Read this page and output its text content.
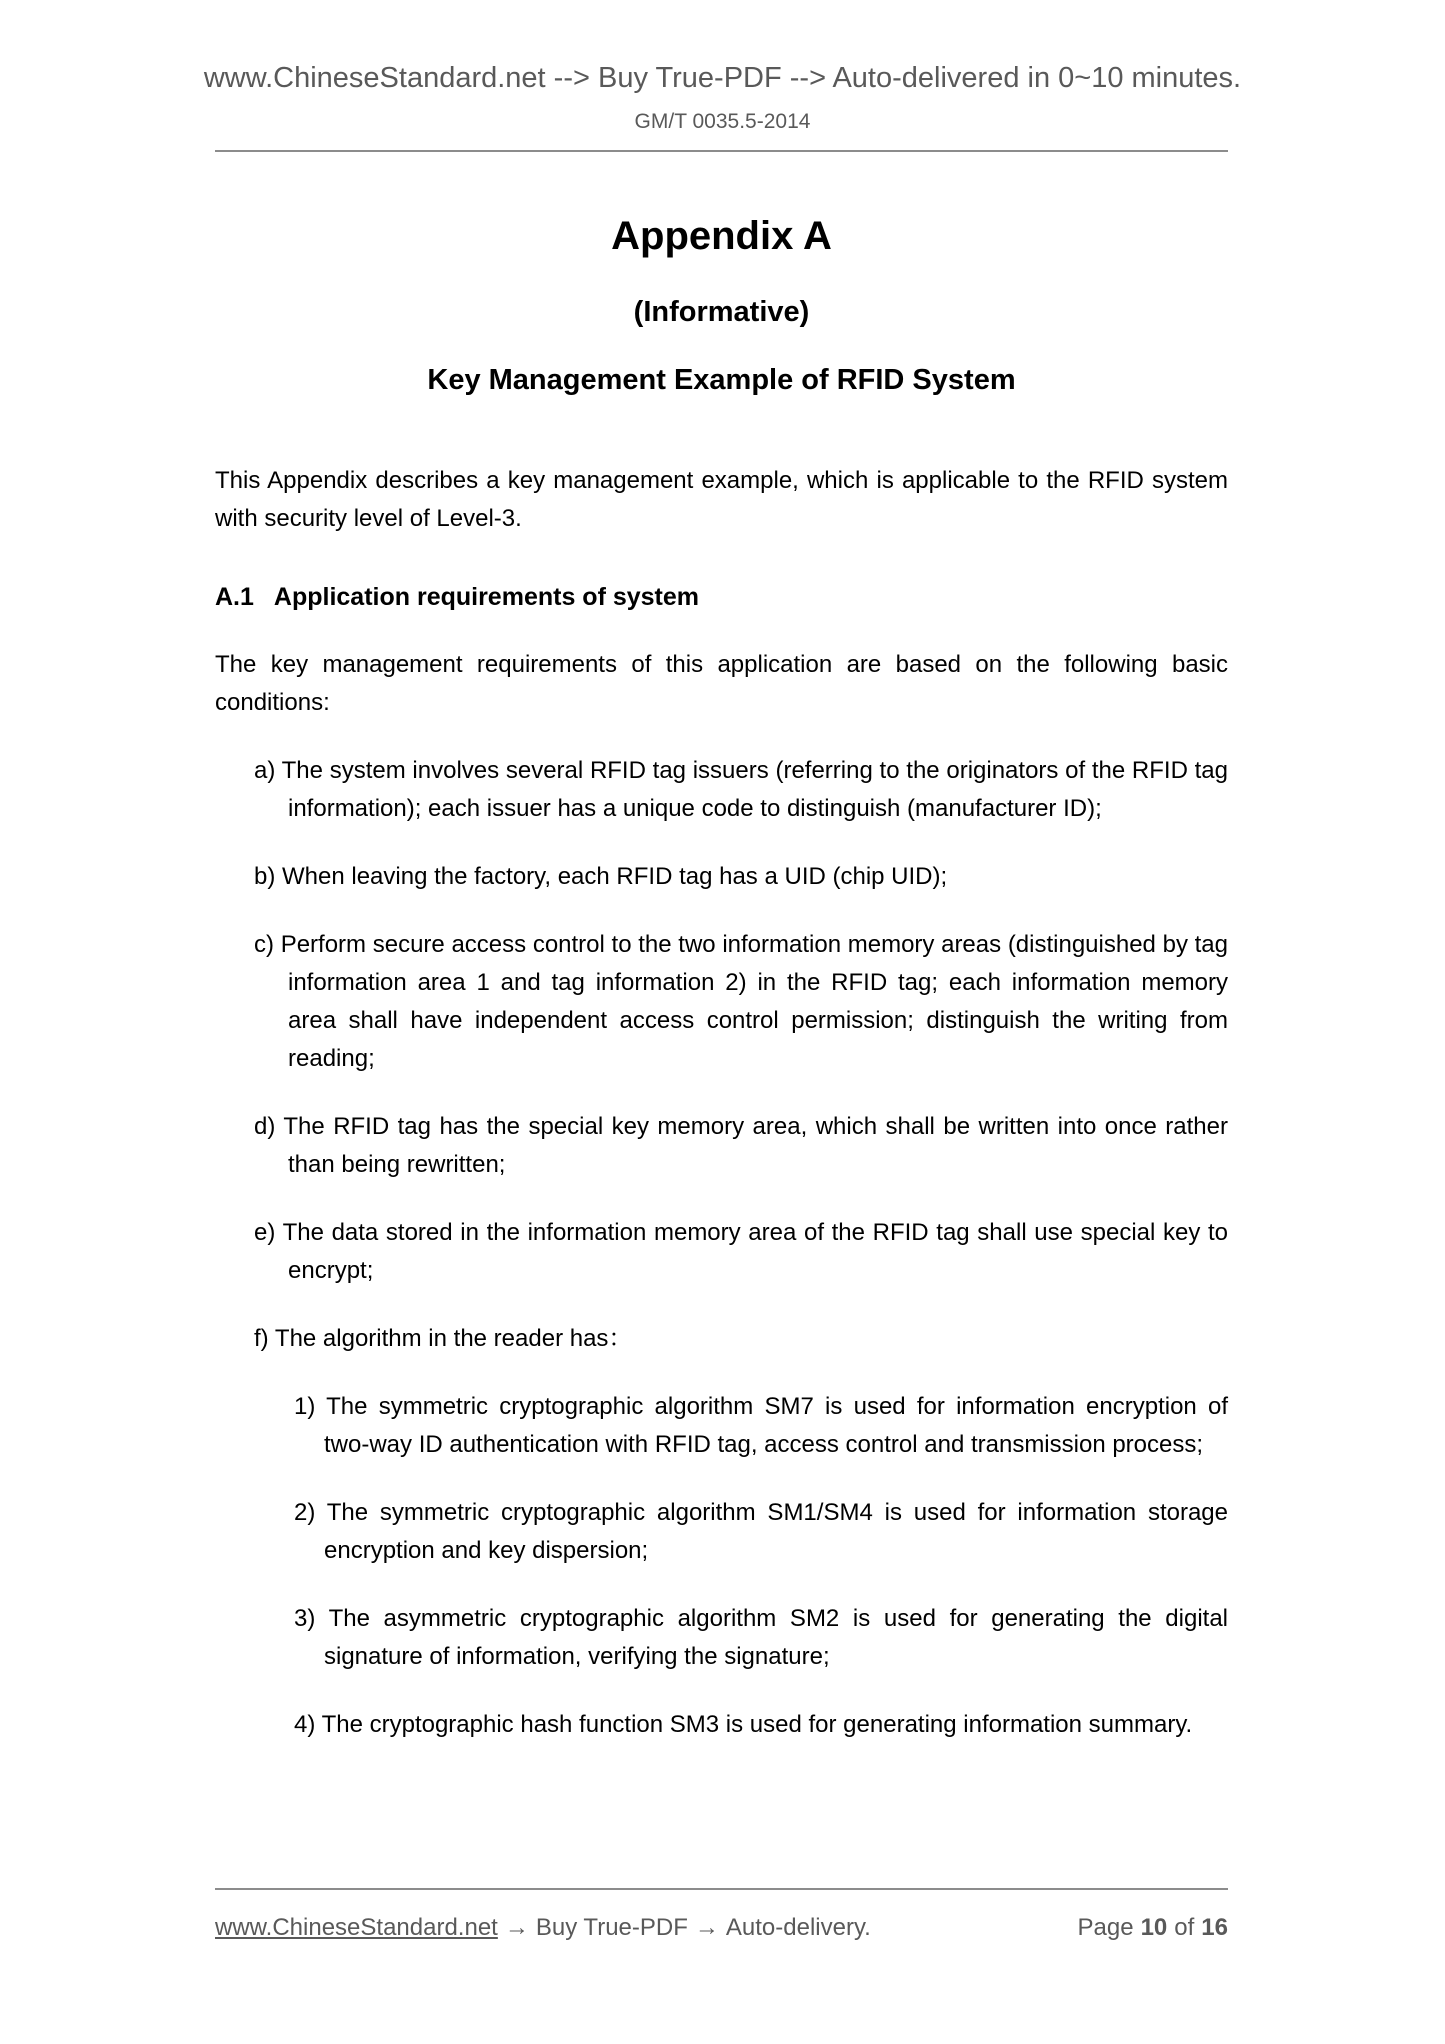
www.ChineseStandard.net --> Buy True-PDF --> Auto-delivered in 0~10 minutes.
GM/T 0035.5-2014
Appendix A
(Informative)
Key Management Example of RFID System

This Appendix describes a key management example, which is applicable to the RFID system with security level of Level-3.

A.1 Application requirements of system

The key management requirements of this application are based on the following basic conditions:

a) The system involves several RFID tag issuers (referring to the originators of the RFID tag information); each issuer has a unique code to distinguish (manufacturer ID);

b) When leaving the factory, each RFID tag has a UID (chip UID);

c) Perform secure access control to the two information memory areas (distinguished by tag information area 1 and tag information 2) in the RFID tag; each information memory area shall have independent access control permission; distinguish the writing from reading;

d) The RFID tag has the special key memory area, which shall be written into once rather than being rewritten;

e) The data stored in the information memory area of the RFID tag shall use special key to encrypt;

f) The algorithm in the reader has：

1) The symmetric cryptographic algorithm SM7 is used for information encryption of two-way ID authentication with RFID tag, access control and transmission process;

2) The symmetric cryptographic algorithm SM1/SM4 is used for information storage encryption and key dispersion;

3) The asymmetric cryptographic algorithm SM2 is used for generating the digital signature of information, verifying the signature;

4) The cryptographic hash function SM3 is used for generating information summary.

www.ChineseStandard.net → Buy True-PDF → Auto-delivery.	Page 10 of 16
